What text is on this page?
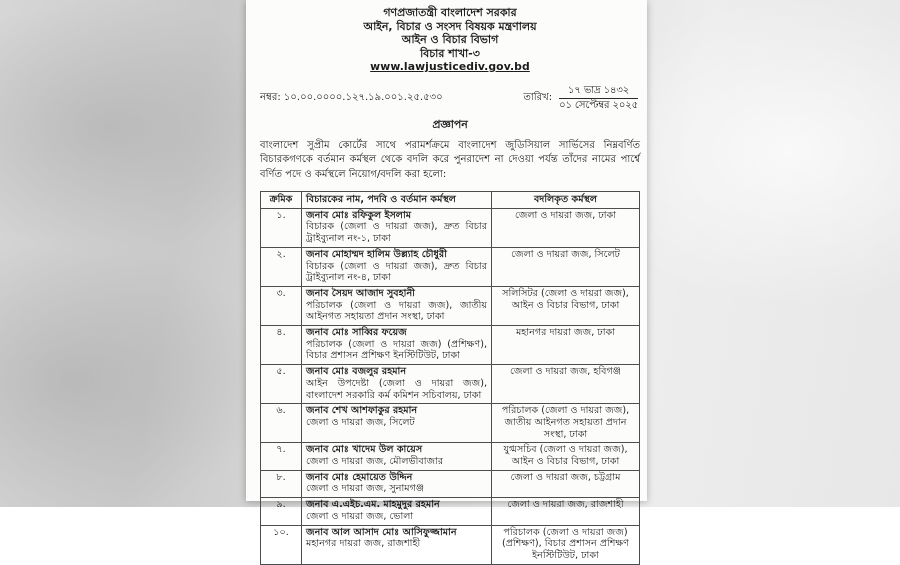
গণপ্রজাতন্ত্রী বাংলাদেশ সরকার
আইন, বিচার ও সংসদ বিষয়ক মন্ত্রণালয়
আইন ও বিচার বিভাগ
বিচার শাখা-৩
www.lawjusticediv.gov.bd
নম্বর: ১০.০০.০০০০.১২৭.১৯.০০১.২৫.৫৩০	তারিখ: $\frac{\text{১৭ ভাদ্র ১৪৩২}}{\text{০১ সেপ্টেম্বর ২০২৫}}$
প্রজ্ঞাপন

বাংলাদেশ সুপ্রীম কোর্টের সাথে পরামর্শক্রমে বাংলাদেশ জুডিসিয়াল সার্ভিসের নিম্নবর্ণিত বিচারকগণকে বর্তমান কর্মস্থল থেকে বদলি করে পুনরাদেশ না দেওয়া পর্যন্ত তাঁদের নামের পার্শ্বে বর্ণিত পদে ও কর্মস্থলে নিয়োগ/বদলি করা হলো:

ক্রমিক	বিচারকের নাম, পদবি ও বর্তমান কর্মস্থল	বদলিকৃত কর্মস্থল
১.	জনাব মোঃ রফিকুল ইসলাম
বিচারক (জেলা ও দায়রা জজ), দ্রুত বিচার ট্রাইব্যুনাল নং-১, ঢাকা	জেলা ও দায়রা জজ, ঢাকা
২.	জনাব মোহাম্মদ হালিম উল্ল্যাহ চৌধুরী
বিচারক (জেলা ও দায়রা জজ), দ্রুত বিচার ট্রাইব্যুনাল নং-৪, ঢাকা	জেলা ও দায়রা জজ, সিলেট
৩.	জনাব সৈয়দ আজাদ সুবহানী
পরিচালক (জেলা ও দায়রা জজ), জাতীয় আইনগত সহায়তা প্রদান সংস্থা, ঢাকা	সলিসিটর (জেলা ও দায়রা জজ), আইন ও বিচার বিভাগ, ঢাকা
৪.	জনাব মোঃ সাব্বির ফয়েজ
পরিচালক (জেলা ও দায়রা জজ) (প্রশিক্ষণ), বিচার প্রশাসন প্রশিক্ষণ ইনস্টিটিউট, ঢাকা	মহানগর দায়রা জজ, ঢাকা
৫.	জনাব মোঃ বজলুর রহমান
আইন উপদেষ্টা (জেলা ও দায়রা জজ), বাংলাদেশ সরকারি কর্ম কমিশন সচিবালয়, ঢাকা	জেলা ও দায়রা জজ, হবিগঞ্জ
৬.	জনাব শেখ আশফাকুর রহমান
জেলা ও দায়রা জজ, সিলেট	পরিচালক (জেলা ও দায়রা জজ), জাতীয় আইনগত সহায়তা প্রদান সংস্থা, ঢাকা
৭.	জনাব মোঃ খাদেম উল কায়েস
জেলা ও দায়রা জজ, মৌলভীবাজার	যুগ্মসচিব (জেলা ও দায়রা জজ), আইন ও বিচার বিভাগ, ঢাকা
৮.	জনাব মোঃ হেমায়েত উদ্দিন
জেলা ও দায়রা জজ, সুনামগঞ্জ	জেলা ও দায়রা জজ, চট্টগ্রাম
৯.	জনাব এ.এইচ.এম. মাহমুদুর রহমান
জেলা ও দায়রা জজ, ভোলা	জেলা ও দায়রা জজ, রাজশাহী
১০.	জনাব আল আসাদ মোঃ আসিফুজ্জামান
মহানগর দায়রা জজ, রাজশাহী	পরিচালক (জেলা ও দায়রা জজ) (প্রশিক্ষণ), বিচার প্রশাসন প্রশিক্ষণ ইনস্টিটিউট, ঢাকা
